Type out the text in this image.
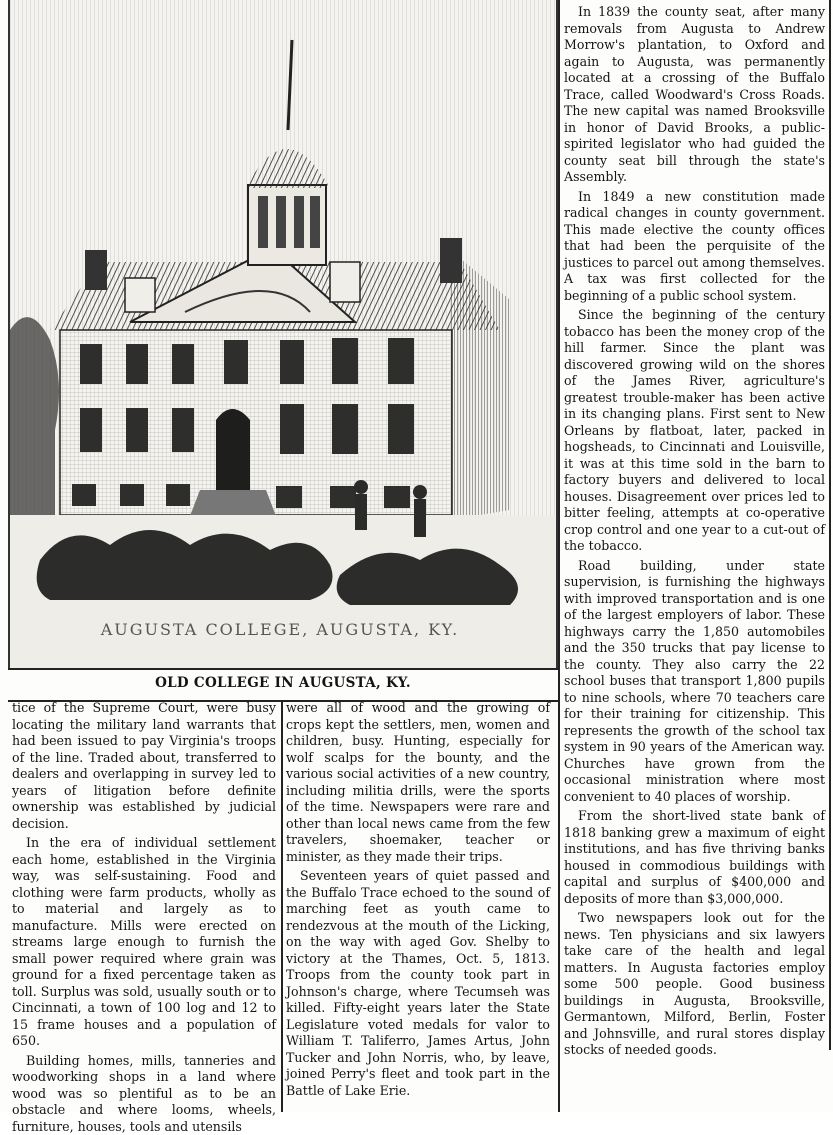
AUGUSTA COLLEGE, AUGUSTA, KY.
OLD COLLEGE IN AUGUSTA, KY.

tice of the Supreme Court, were busy locating the military land warrants that had been issued to pay Virginia's troops of the line. Traded about, transferred to dealers and overlapping in survey led to years of litigation before definite ownership was established by judicial decision.

In the era of individual settlement each home, established in the Virginia way, was self-sustaining. Food and clothing were farm products, wholly as to material and largely as to manufacture. Mills were erected on streams large enough to furnish the small power required where grain was ground for a fixed percentage taken as toll. Surplus was sold, usually south or to Cincinnati, a town of 100 log and 12 to 15 frame houses and a population of 650.

Building homes, mills, tanneries and woodworking shops in a land where wood was so plentiful as to be an obstacle and where looms, wheels, furniture, houses, tools and utensils

were all of wood and the growing of crops kept the settlers, men, women and children, busy. Hunting, especially for wolf scalps for the bounty, and the various social activities of a new country, including militia drills, were the sports of the time. Newspapers were rare and other than local news came from the few travelers, shoemaker, teacher or minister, as they made their trips.

Seventeen years of quiet passed and the Buffalo Trace echoed to the sound of marching feet as youth came to rendezvous at the mouth of the Licking, on the way with aged Gov. Shelby to victory at the Thames, Oct. 5, 1813. Troops from the county took part in Johnson's charge, where Tecumseh was killed. Fifty-eight years later the State Legislature voted medals for valor to William T. Taliferro, James Artus, John Tucker and John Norris, who, by leave, joined Perry's fleet and took part in the Battle of Lake Erie.

In 1839 the county seat, after many removals from Augusta to Andrew Morrow's plantation, to Oxford and again to Augusta, was permanently located at a crossing of the Buffalo Trace, called Woodward's Cross Roads. The new capital was named Brooksville in honor of David Brooks, a public-spirited legislator who had guided the county seat bill through the state's Assembly.

In 1849 a new constitution made radical changes in county government. This made elective the county offices that had been the perquisite of the justices to parcel out among themselves. A tax was first collected for the beginning of a public school system.

Since the beginning of the century tobacco has been the money crop of the hill farmer. Since the plant was discovered growing wild on the shores of the James River, agriculture's greatest trouble-maker has been active in its changing plans. First sent to New Orleans by flatboat, later, packed in hogsheads, to Cincinnati and Louisville, it was at this time sold in the barn to factory buyers and delivered to local houses. Disagreement over prices led to bitter feeling, attempts at co-operative crop control and one year to a cut-out of the tobacco.

Road building, under state supervision, is furnishing the highways with improved transportation and is one of the largest employers of labor. These highways carry the 1,850 automobiles and the 350 trucks that pay license to the county. They also carry the 22 school buses that transport 1,800 pupils to nine schools, where 70 teachers care for their training for citizenship. This represents the growth of the school tax system in 90 years of the American way. Churches have grown from the occasional ministration where most convenient to 40 places of worship.

From the short-lived state bank of 1818 banking grew a maximum of eight institutions, and has five thriving banks housed in commodious buildings with capital and surplus of $400,000 and deposits of more than $3,000,000.

Two newspapers look out for the news. Ten physicians and six lawyers take care of the health and legal matters. In Augusta factories employ some 500 people. Good business buildings in Augusta, Brooksville, Germantown, Milford, Berlin, Foster and Johnsville, and rural stores display stocks of needed goods.
